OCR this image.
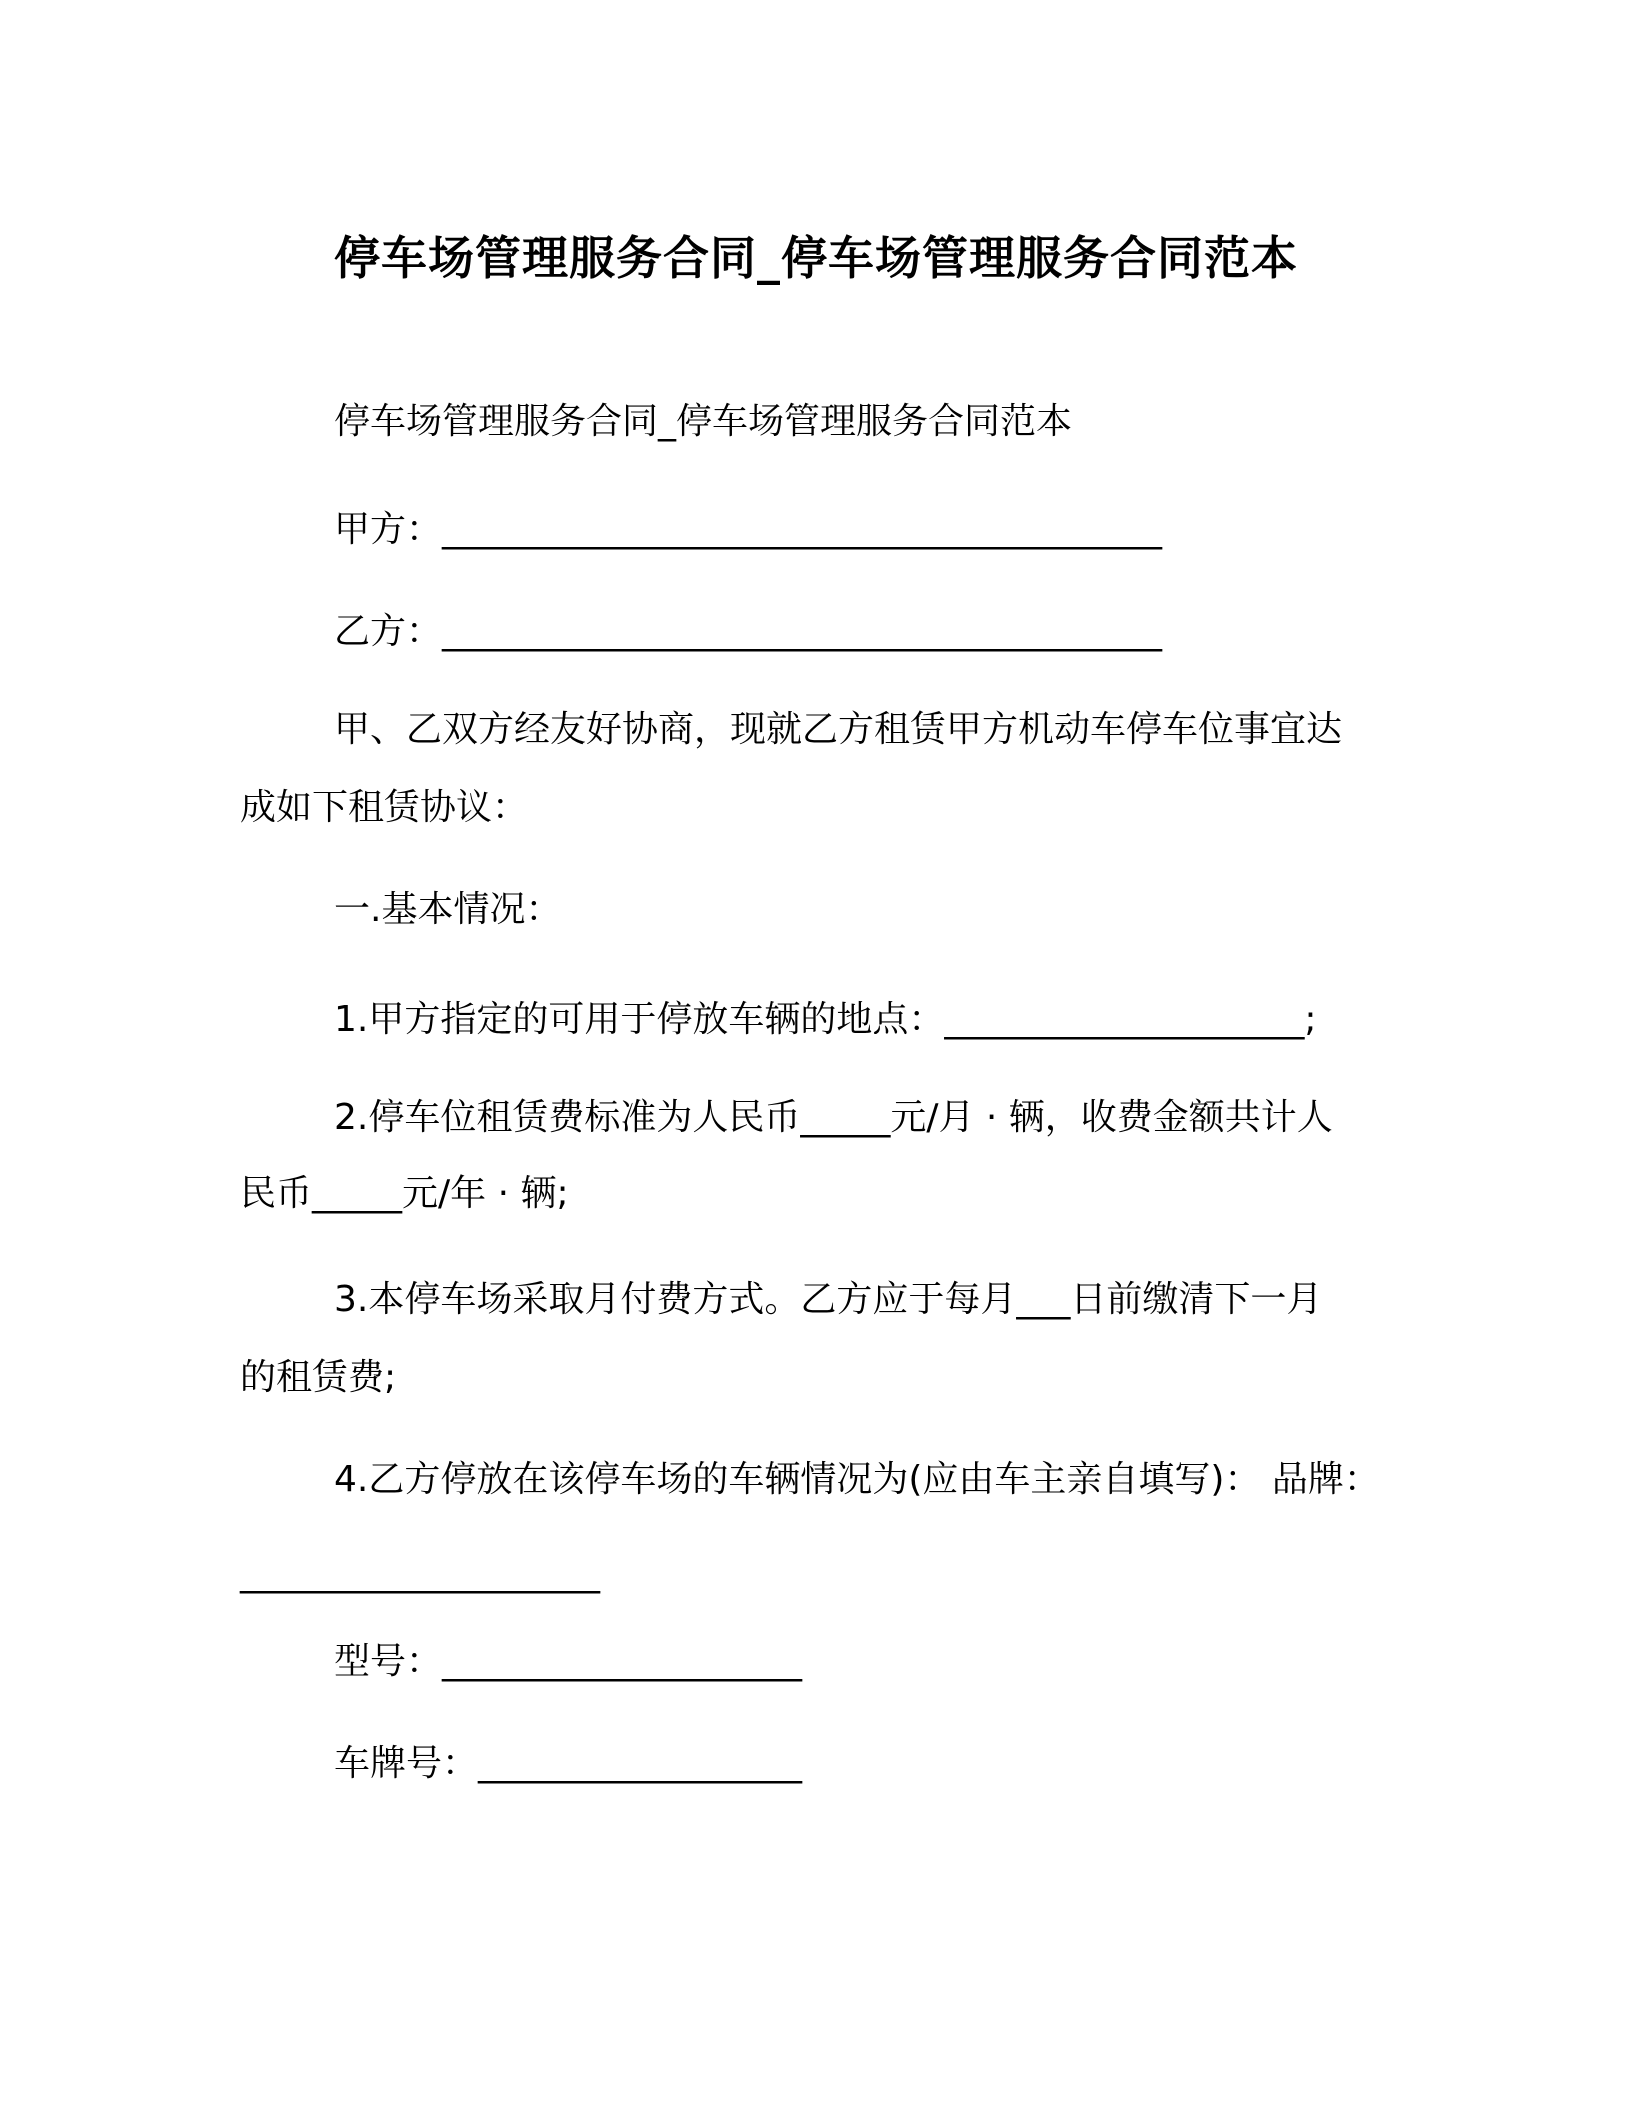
停车场管理服务合同_停车场管理服务合同范本
停车场管理服务合同_停车场管理服务合同范本
甲方：________________________________________
乙方：________________________________________
甲、乙双方经友好协商，现就乙方租赁甲方机动车停车位事宜达
成如下租赁协议：
一.基本情况：
1.甲方指定的可用于停放车辆的地点：____________________;
2.停车位租赁费标准为人民币_____元/月 · 辆，收费金额共计人
民币_____元/年 · 辆;
3.本停车场采取月付费方式。乙方应于每月___日前缴清下一月
的租赁费;
4.乙方停放在该停车场的车辆情况为(应由车主亲自填写)： 品牌：
____________________
型号：____________________
车牌号：__________________
